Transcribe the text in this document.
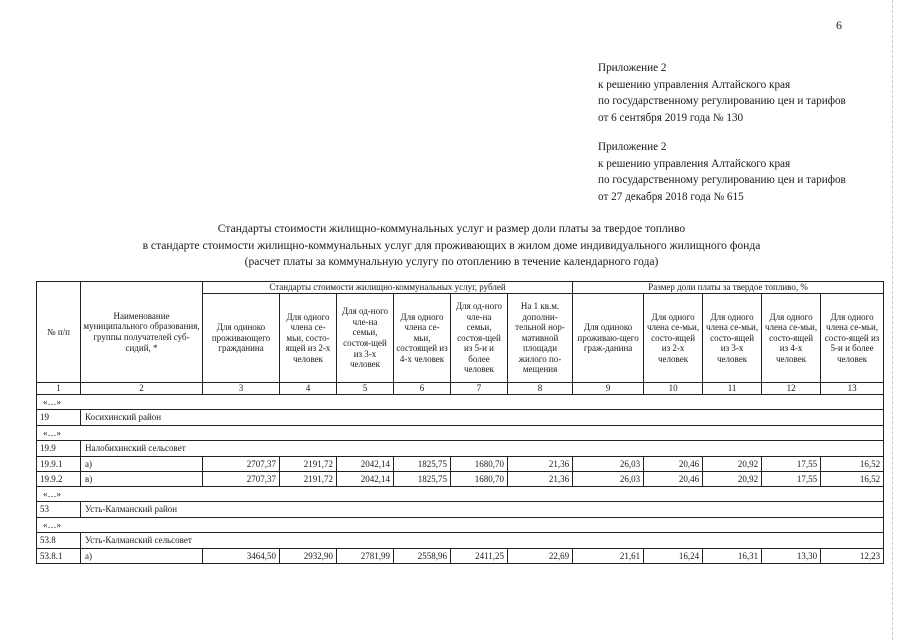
6
Приложение 2
к решению управления Алтайского края
по государственному регулированию цен и тарифов
от 6 сентября 2019 года № 130
Приложение 2
к решению управления Алтайского края
по государственному регулированию цен и тарифов
от 27 декабря 2018 года № 615
Стандарты стоимости жилищно-коммунальных услуг и размер доли платы за твердое топливо
в стандарте стоимости жилищно-коммунальных услуг для проживающих в жилом доме индивидуального жилищного фонда
(расчет платы за коммунальную услугу по отоплению в течение календарного года)
№ п/п	Наименование муниципального образования, группы получателей суб-сидий, *	Стандарты стоимости жилищно-коммунальных услуг, рублей						Размер доли платы за твердое топливо, %				
		Для одиноко проживающего гражданина	Для одного члена се-мьи, состо-ящей из 2-х человек	Для од-ного чле-на семьи, состоя-щей из 3-х человек	Для одного члена се-мьи, состоящей из 4-х человек	Для од-ного чле-на семьи, состоя-щей из 5-и и более человек	На 1 кв.м. дополни-тельной нор-мативной площади жилого по-мещения	Для одиноко проживаю-щего граж-данина	Для одного члена се-мьи, состо-ящей из 2-х человек	Для одного члена се-мьи, состо-ящей из 3-х человек	Для одного члена се-мьи, состо-ящей из 4-х человек	Для одного члена се-мьи, состо-ящей из 5-и и более человек
1	2	3	4	5	6	7	8	9	10	11	12	13
«…»												
19	Косихинский район											
«…»												
19.9	Налобихинский сельсовет											
19.9.1	а)	2707,37	2191,72	2042,14	1825,75	1680,70	21,36	26,03	20,46	20,92	17,55	16,52
19.9.2	в)	2707,37	2191,72	2042,14	1825,75	1680,70	21,36	26,03	20,46	20,92	17,55	16,52
«…»												
53	Усть-Калманский район											
«…»												
53.8	Усть-Калманский сельсовет											
53.8.1	а)	3464,50	2932,90	2781,99	2558,96	2411,25	22,69	21,61	16,24	16,31	13,30	12,23
